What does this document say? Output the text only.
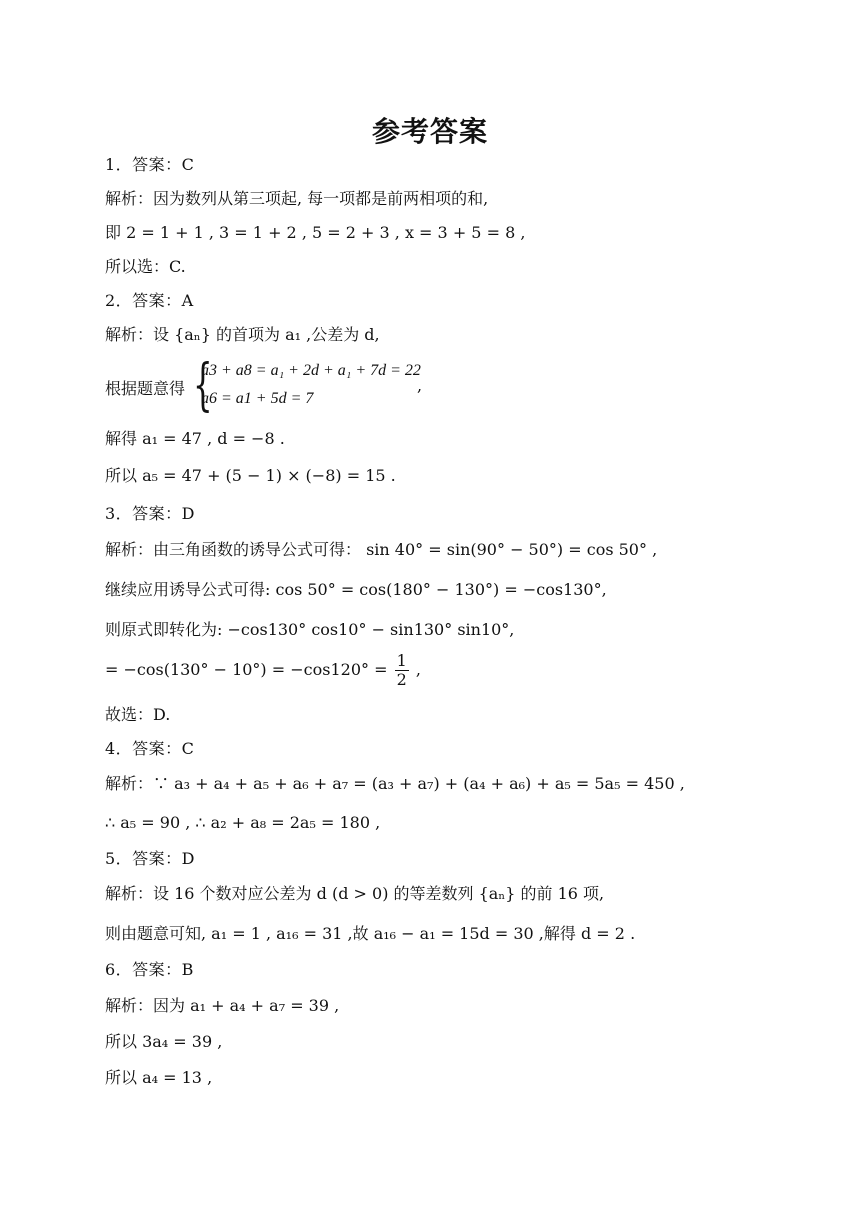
参考答案
1．答案：C
解析：因为数列从第三项起, 每一项都是前两相项的和,
即 2 = 1 + 1 , 3 = 1 + 2 , 5 = 2 + 3 , x = 3 + 5 = 8 ,
所以选：C.
2．答案：A
解析：设 {aₙ} 的首项为 a₁ ,公差为 d,
根据题意得 {
a3 + a8 = a₁ + 2d + a₁ + 7d = 22
a6 = a1 + 5d = 7
,
解得 a₁ = 47 , d = −8 .
所以 a₅ = 47 + (5 − 1) × (−8) = 15 .
3．答案：D
解析：由三角函数的诱导公式可得： sin 40° = sin(90° − 50°) = cos 50° ,
继续应用诱导公式可得: cos 50° = cos(180° − 130°) = −cos130°,
则原式即转化为: −cos130° cos10° − sin130° sin10°,
= $-\cos(130^\circ - 10^\circ) = -\cos 120^\circ = \frac{1}{2}$ ,
故选：D.
4．答案：C
解析：∵ a₃ + a₄ + a₅ + a₆ + a₇ = (a₃ + a₇) + (a₄ + a₆) + a₅ = 5a₅ = 450 ,
∴ a₅ = 90 , ∴ a₂ + a₈ = 2a₅ = 180 ,
5．答案：D
解析：设 16 个数对应公差为 d (d > 0) 的等差数列 {aₙ} 的前 16 项,
则由题意可知, a₁ = 1 , a₁₆ = 31 ,故 a₁₆ − a₁ = 15d = 30 ,解得 d = 2 .
6．答案：B
解析：因为 a₁ + a₄ + a₇ = 39 ,
所以 3a₄ = 39 ,
所以 a₄ = 13 ,
